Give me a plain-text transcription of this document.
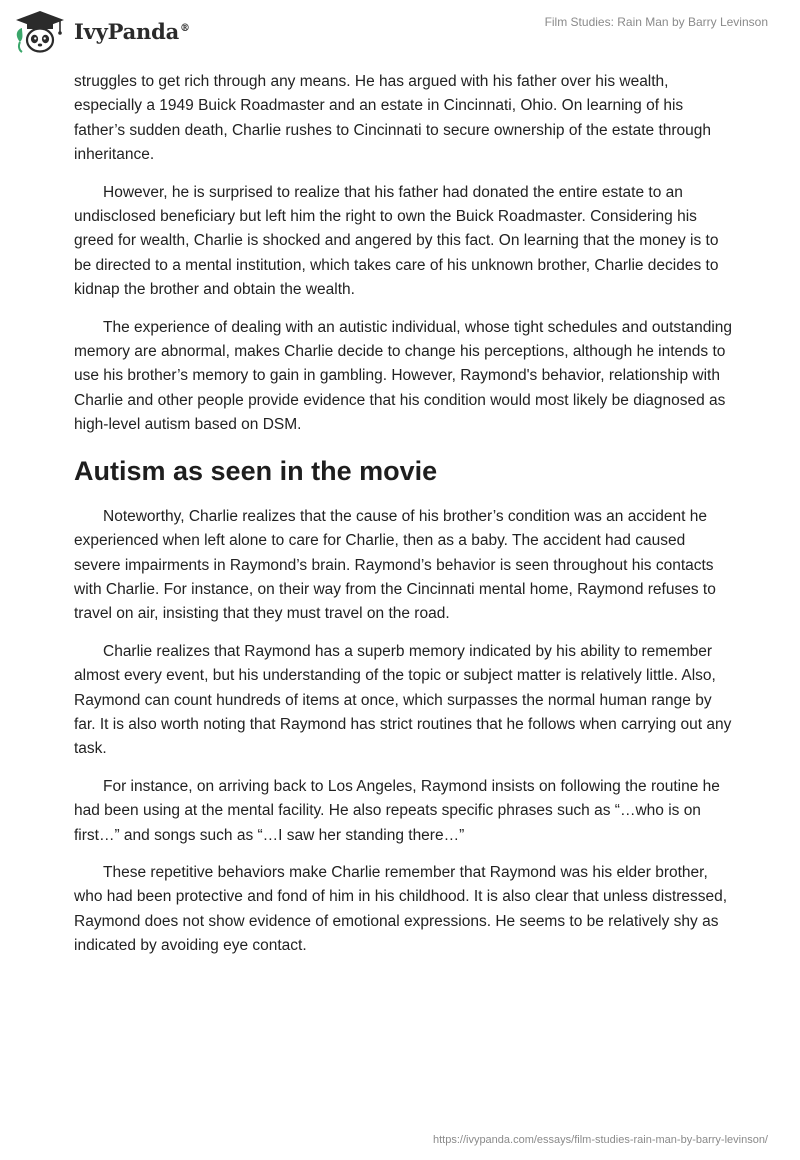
IvyPanda®	Film Studies: Rain Man by Barry Levinson

struggles to get rich through any means. He has argued with his father over his wealth, especially a 1949 Buick Roadmaster and an estate in Cincinnati, Ohio. On learning of his father’s sudden death, Charlie rushes to Cincinnati to secure ownership of the estate through inheritance.

However, he is surprised to realize that his father had donated the entire estate to an undisclosed beneficiary but left him the right to own the Buick Roadmaster. Considering his greed for wealth, Charlie is shocked and angered by this fact. On learning that the money is to be directed to a mental institution, which takes care of his unknown brother, Charlie decides to kidnap the brother and obtain the wealth.

The experience of dealing with an autistic individual, whose tight schedules and outstanding memory are abnormal, makes Charlie decide to change his perceptions, although he intends to use his brother’s memory to gain in gambling. However, Raymond's behavior, relationship with Charlie and other people provide evidence that his condition would most likely be diagnosed as high-level autism based on DSM.

Autism as seen in the movie

Noteworthy, Charlie realizes that the cause of his brother’s condition was an accident he experienced when left alone to care for Charlie, then as a baby. The accident had caused severe impairments in Raymond’s brain. Raymond’s behavior is seen throughout his contacts with Charlie. For instance, on their way from the Cincinnati mental home, Raymond refuses to travel on air, insisting that they must travel on the road.

Charlie realizes that Raymond has a superb memory indicated by his ability to remember almost every event, but his understanding of the topic or subject matter is relatively little. Also, Raymond can count hundreds of items at once, which surpasses the normal human range by far. It is also worth noting that Raymond has strict routines that he follows when carrying out any task.

For instance, on arriving back to Los Angeles, Raymond insists on following the routine he had been using at the mental facility. He also repeats specific phrases such as “…who is on first…” and songs such as “…I saw her standing there…”

These repetitive behaviors make Charlie remember that Raymond was his elder brother, who had been protective and fond of him in his childhood. It is also clear that unless distressed, Raymond does not show evidence of emotional expressions. He seems to be relatively shy as indicated by avoiding eye contact.

https://ivypanda.com/essays/film-studies-rain-man-by-barry-levinson/
